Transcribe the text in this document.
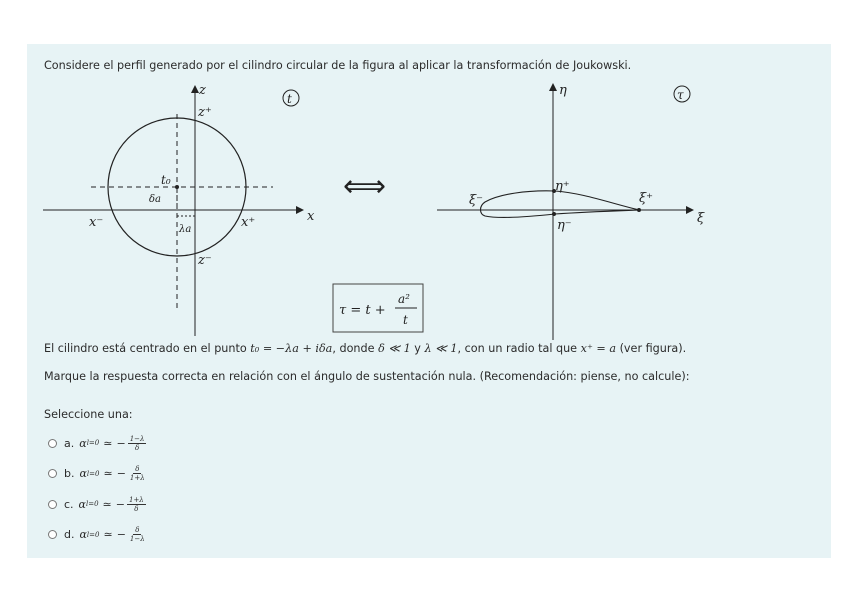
Considere el perfil generado por el cilindro circular de la figura al aplicar la transformación de Joukowski.

z
x
t
z⁺
z⁻
x⁺
x⁻
t₀
δa
λa
⟺
η
ξ
τ
η⁺
η⁻
ξ⁺
ξ⁻
τ = t +
a²
t

El cilindro está centrado en el punto t₀ = −λa + iδa, donde δ ≪ 1 y λ ≪ 1, con un radio tal que x⁺ = a (ver figura).

Marque la respuesta correcta en relación con el ángulo de sustentación nula. (Recomendación: piense, no calcule):

Seleccione una:

a. α l=0 ≃ − $\frac{1-\lambda}{\delta}$
b. α l=0 ≃ − $\frac{\delta}{1+\lambda}$
c. α l=0 ≃ − $\frac{1+\lambda}{\delta}$
d. α l=0 ≃ − $\frac{\delta}{1-\lambda}$
